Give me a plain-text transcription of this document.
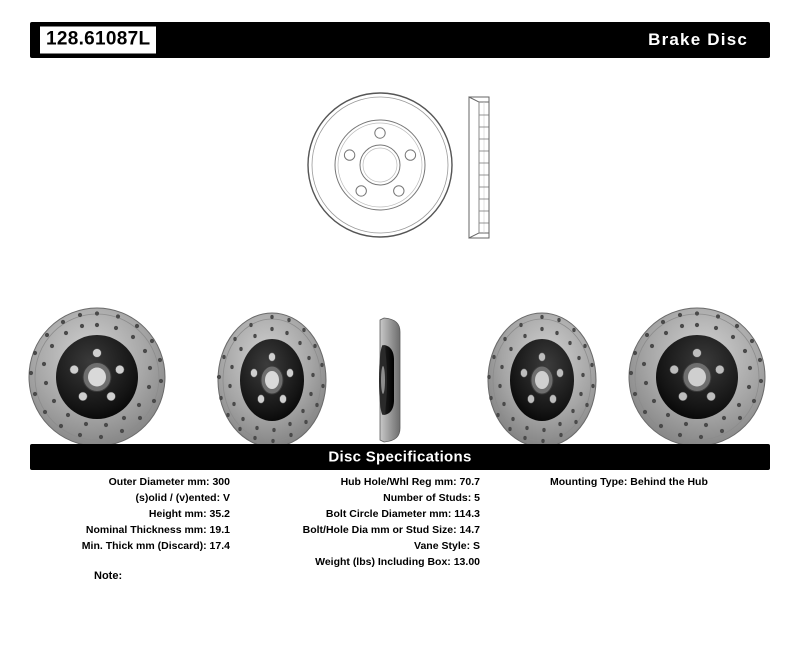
128.61087L	Brake Disc
Disc Specifications
Outer Diameter mm: 300
(s)olid / (v)ented: V
Height mm: 35.2
Nominal Thickness mm: 19.1
Min. Thick mm (Discard): 17.4
Hub Hole/Whl Reg mm: 70.7
Number of Studs: 5
Bolt Circle Diameter mm: 114.3
Bolt/Hole Dia mm or Stud Size: 14.7
Vane Style: S
Weight (lbs) Including Box: 13.00
Mounting Type: Behind the Hub
Note:
